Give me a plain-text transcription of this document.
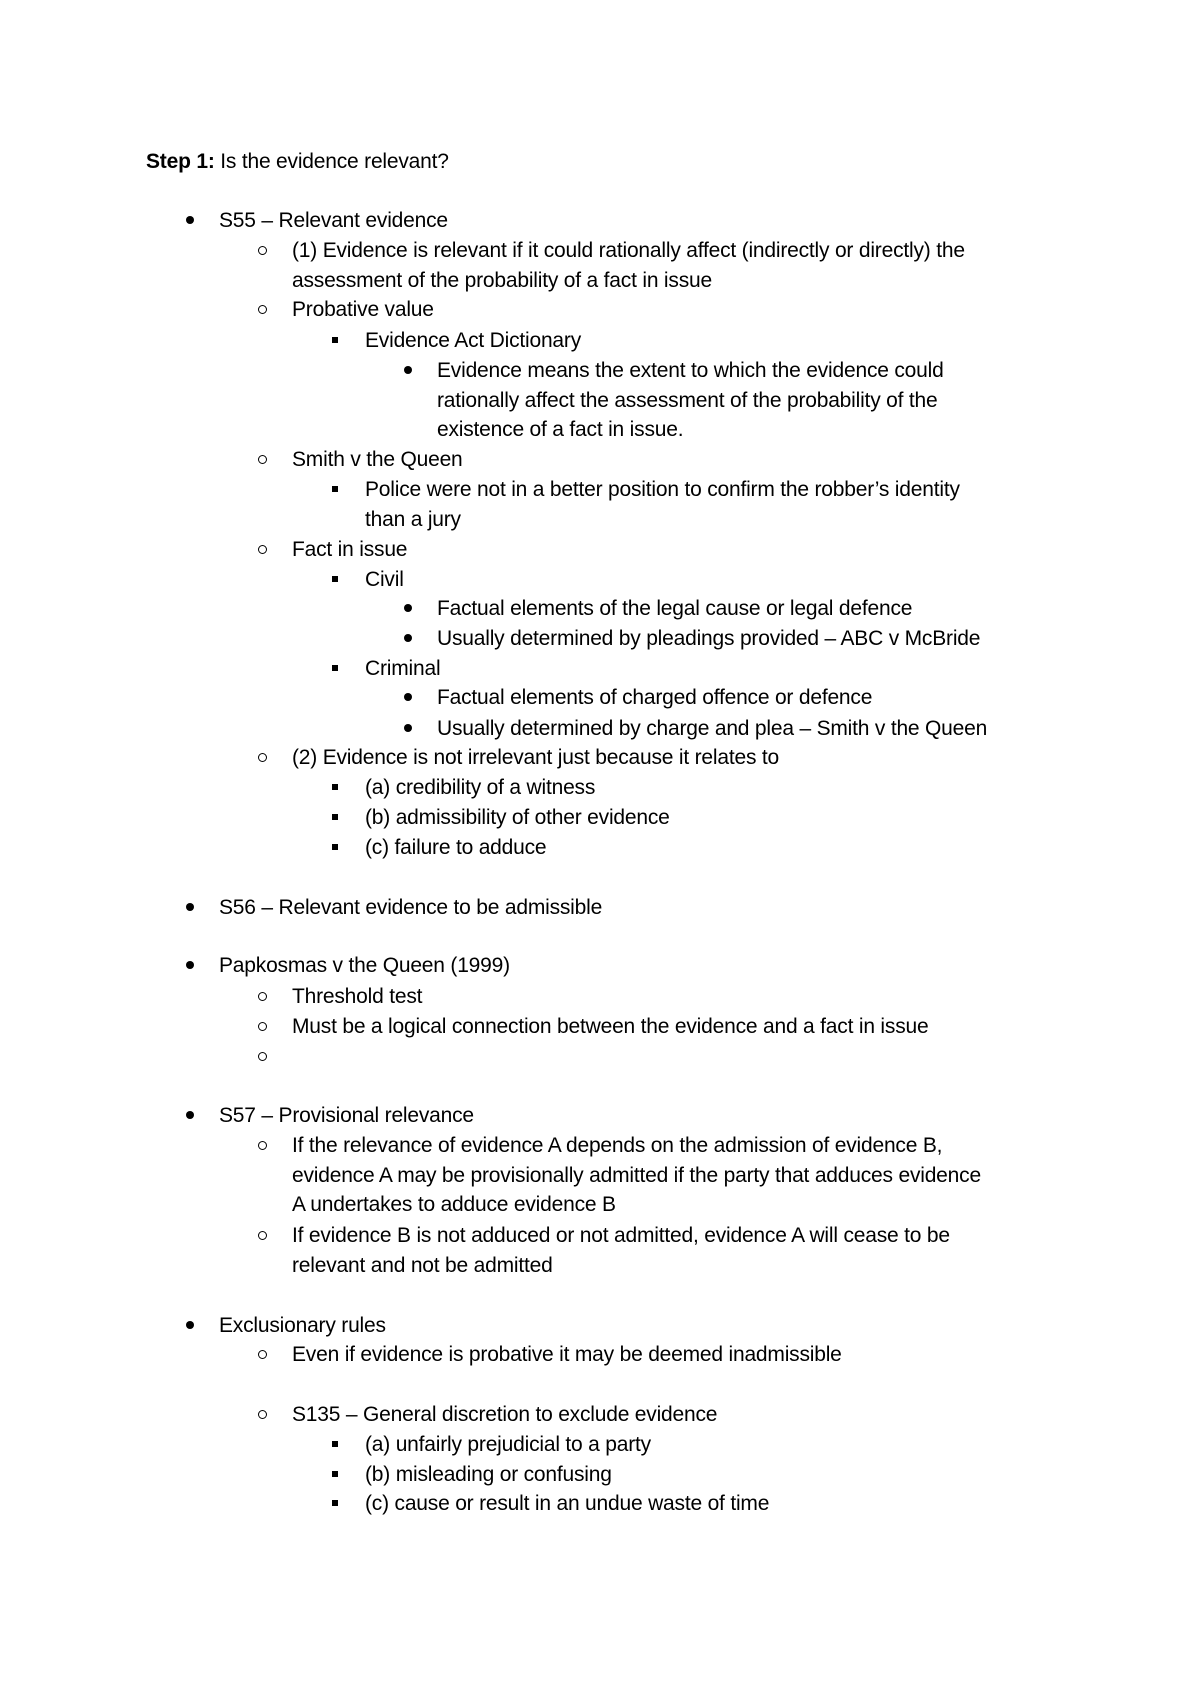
Step 1: Is the evidence relevant?
S55 – Relevant evidence
(1) Evidence is relevant if it could rationally affect (indirectly or directly) the
assessment of the probability of a fact in issue
Probative value
Evidence Act Dictionary
Evidence means the extent to which the evidence could
rationally affect the assessment of the probability of the
existence of a fact in issue.
Smith v the Queen
Police were not in a better position to confirm the robber’s identity
than a jury
Fact in issue
Civil
Factual elements of the legal cause or legal defence
Usually determined by pleadings provided – ABC v McBride
Criminal
Factual elements of charged offence or defence
Usually determined by charge and plea – Smith v the Queen
(2) Evidence is not irrelevant just because it relates to
(a) credibility of a witness
(b) admissibility of other evidence
(c) failure to adduce
S56 – Relevant evidence to be admissible
Papkosmas v the Queen (1999)
Threshold test
Must be a logical connection between the evidence and a fact in issue
S57 – Provisional relevance
If the relevance of evidence A depends on the admission of evidence B,
evidence A may be provisionally admitted if the party that adduces evidence
A undertakes to adduce evidence B
If evidence B is not adduced or not admitted, evidence A will cease to be
relevant and not be admitted
Exclusionary rules
Even if evidence is probative it may be deemed inadmissible
S135 – General discretion to exclude evidence
(a) unfairly prejudicial to a party
(b) misleading or confusing
(c) cause or result in an undue waste of time
